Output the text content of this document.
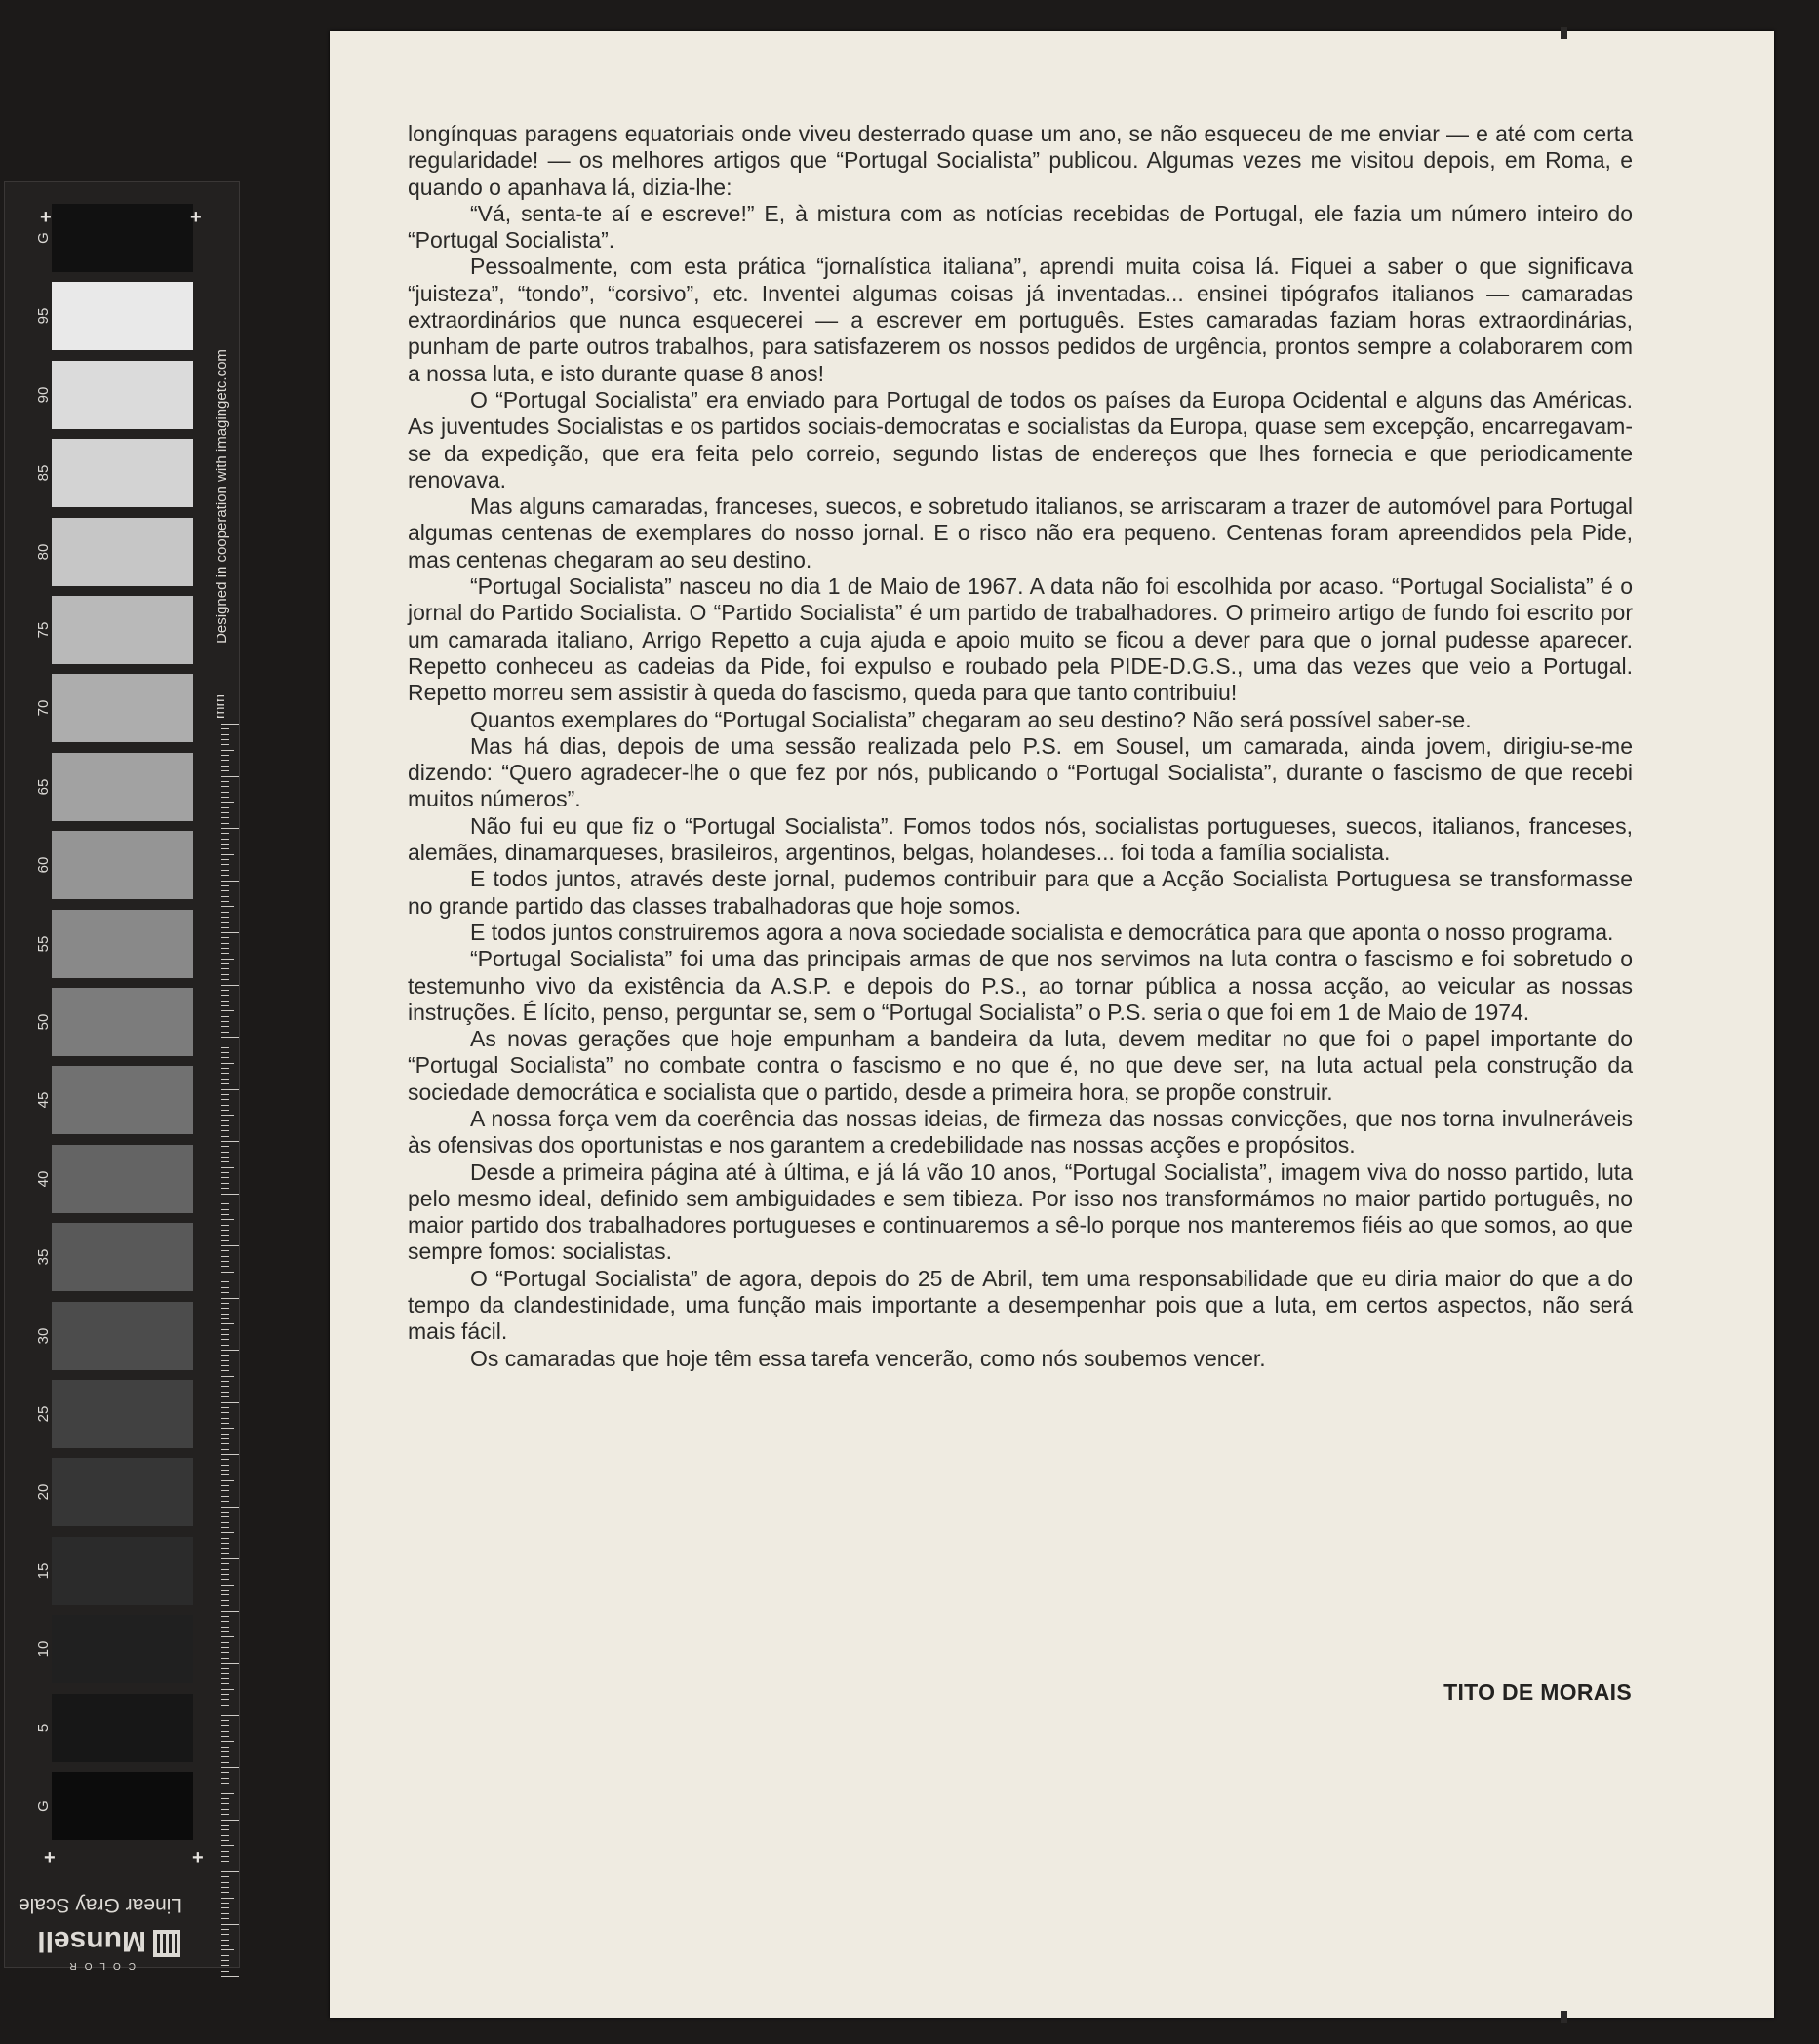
G
95
90
85
80
75
70
65
60
55
50
45
40
35
30
25
20
15
10
5
G
+	+
+	+
Designed in cooperation with imagingetc.com
mm
Linear Gray Scale
Munsell
COLOR

longínquas paragens equatoriais onde viveu desterrado quase um ano, se não esqueceu de me enviar — e até com certa regularidade! — os melhores artigos que “Portugal Socialista” publicou. Algumas vezes me visitou depois, em Roma, e quando o apanhava lá, dizia-lhe:

“Vá, senta-te aí e escreve!” E, à mistura com as notícias recebidas de Portugal, ele fazia um número inteiro do “Portugal Socialista”.

Pessoalmente, com esta prática “jornalística italiana”, aprendi muita coisa lá. Fiquei a saber o que significava “juisteza”, “tondo”, “corsivo”, etc. Inventei algumas coisas já inventadas... ensinei tipógrafos italianos — camaradas extraordinários que nunca esquecerei — a escrever em português. Estes camaradas faziam horas extraordinárias, punham de parte outros trabalhos, para satisfazerem os nossos pedidos de urgência, prontos sempre a colaborarem com a nossa luta, e isto durante quase 8 anos!

O “Portugal Socialista” era enviado para Portugal de todos os países da Europa Ocidental e alguns das Américas. As juventudes Socialistas e os partidos sociais-democratas e socialistas da Europa, quase sem excepção, encarregavam-se da expedição, que era feita pelo correio, segundo listas de endereços que lhes fornecia e que periodicamente renovava.

Mas alguns camaradas, franceses, suecos, e sobretudo italianos, se arriscaram a trazer de automóvel para Portugal algumas centenas de exemplares do nosso jornal. E o risco não era pequeno. Centenas foram apreendidos pela Pide, mas centenas chegaram ao seu destino.

“Portugal Socialista” nasceu no dia 1 de Maio de 1967. A data não foi escolhida por acaso. “Portugal Socialista” é o jornal do Partido Socialista. O “Partido Socialista” é um partido de trabalhadores. O primeiro artigo de fundo foi escrito por um camarada italiano, Arrigo Repetto a cuja ajuda e apoio muito se ficou a dever para que o jornal pudesse aparecer. Repetto conheceu as cadeias da Pide, foi expulso e roubado pela PIDE-D.G.S., uma das vezes que veio a Portugal. Repetto morreu sem assistir à queda do fascismo, queda para que tanto contribuiu!

Quantos exemplares do “Portugal Socialista” chegaram ao seu destino? Não será possível saber-se.

Mas há dias, depois de uma sessão realizada pelo P.S. em Sousel, um camarada, ainda jovem, dirigiu-se-me dizendo: “Quero agradecer-lhe o que fez por nós, publicando o “Portugal Socialista”, durante o fascismo de que recebi muitos números”.

Não fui eu que fiz o “Portugal Socialista”. Fomos todos nós, socialistas portugueses, suecos, italianos, franceses, alemães, dinamarqueses, brasileiros, argentinos, belgas, holandeses... foi toda a família socialista.

E todos juntos, através deste jornal, pudemos contribuir para que a Acção Socialista Portuguesa se transformasse no grande partido das classes trabalhadoras que hoje somos.

E todos juntos construiremos agora a nova sociedade socialista e democrática para que aponta o nosso programa.

“Portugal Socialista” foi uma das principais armas de que nos servimos na luta contra o fascismo e foi sobretudo o testemunho vivo da existência da A.S.P. e depois do P.S., ao tornar pública a nossa acção, ao veicular as nossas instruções. É lícito, penso, perguntar se, sem o “Portugal Socialista” o P.S. seria o que foi em 1 de Maio de 1974.

As novas gerações que hoje empunham a bandeira da luta, devem meditar no que foi o papel importante do “Portugal Socialista” no combate contra o fascismo e no que é, no que deve ser, na luta actual pela construção da sociedade democrática e socialista que o partido, desde a primeira hora, se propõe construir.

A nossa força vem da coerência das nossas ideias, de firmeza das nossas convicções, que nos torna invulneráveis às ofensivas dos oportunistas e nos garantem a credebilidade nas nossas acções e propósitos.

Desde a primeira página até à última, e já lá vão 10 anos, “Portugal Socialista”, imagem viva do nosso partido, luta pelo mesmo ideal, definido sem ambiguidades e sem tibieza. Por isso nos transformámos no maior partido português, no maior partido dos trabalhadores portugueses e continuaremos a sê-lo porque nos manteremos fiéis ao que somos, ao que sempre fomos: socialistas.

O “Portugal Socialista” de agora, depois do 25 de Abril, tem uma responsabilidade que eu diria maior do que a do tempo da clandestinidade, uma função mais importante a desempenhar pois que a luta, em certos aspectos, não será mais fácil.

Os camaradas que hoje têm essa tarefa vencerão, como nós soubemos vencer.

TITO DE MORAIS
